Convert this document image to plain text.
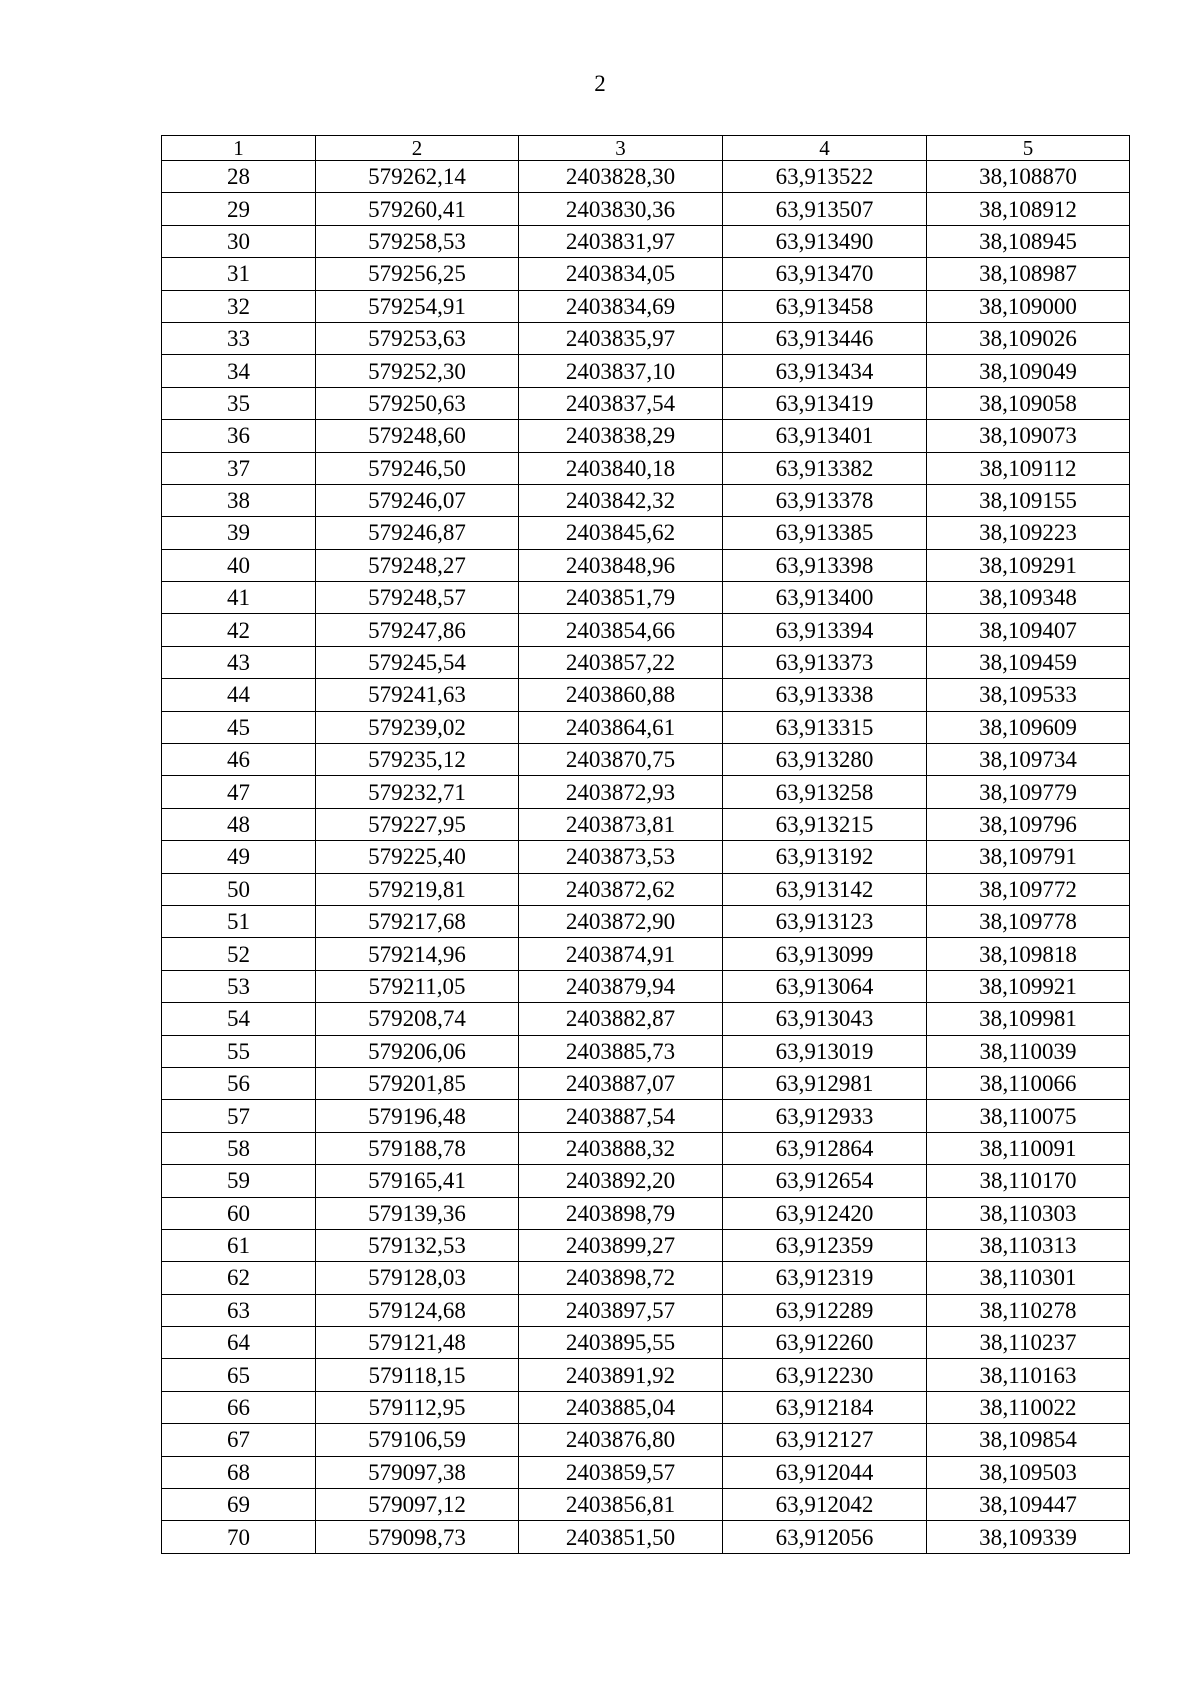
2
1	2	3	4	5
28	579262,14	2403828,30	63,913522	38,108870
29	579260,41	2403830,36	63,913507	38,108912
30	579258,53	2403831,97	63,913490	38,108945
31	579256,25	2403834,05	63,913470	38,108987
32	579254,91	2403834,69	63,913458	38,109000
33	579253,63	2403835,97	63,913446	38,109026
34	579252,30	2403837,10	63,913434	38,109049
35	579250,63	2403837,54	63,913419	38,109058
36	579248,60	2403838,29	63,913401	38,109073
37	579246,50	2403840,18	63,913382	38,109112
38	579246,07	2403842,32	63,913378	38,109155
39	579246,87	2403845,62	63,913385	38,109223
40	579248,27	2403848,96	63,913398	38,109291
41	579248,57	2403851,79	63,913400	38,109348
42	579247,86	2403854,66	63,913394	38,109407
43	579245,54	2403857,22	63,913373	38,109459
44	579241,63	2403860,88	63,913338	38,109533
45	579239,02	2403864,61	63,913315	38,109609
46	579235,12	2403870,75	63,913280	38,109734
47	579232,71	2403872,93	63,913258	38,109779
48	579227,95	2403873,81	63,913215	38,109796
49	579225,40	2403873,53	63,913192	38,109791
50	579219,81	2403872,62	63,913142	38,109772
51	579217,68	2403872,90	63,913123	38,109778
52	579214,96	2403874,91	63,913099	38,109818
53	579211,05	2403879,94	63,913064	38,109921
54	579208,74	2403882,87	63,913043	38,109981
55	579206,06	2403885,73	63,913019	38,110039
56	579201,85	2403887,07	63,912981	38,110066
57	579196,48	2403887,54	63,912933	38,110075
58	579188,78	2403888,32	63,912864	38,110091
59	579165,41	2403892,20	63,912654	38,110170
60	579139,36	2403898,79	63,912420	38,110303
61	579132,53	2403899,27	63,912359	38,110313
62	579128,03	2403898,72	63,912319	38,110301
63	579124,68	2403897,57	63,912289	38,110278
64	579121,48	2403895,55	63,912260	38,110237
65	579118,15	2403891,92	63,912230	38,110163
66	579112,95	2403885,04	63,912184	38,110022
67	579106,59	2403876,80	63,912127	38,109854
68	579097,38	2403859,57	63,912044	38,109503
69	579097,12	2403856,81	63,912042	38,109447
70	579098,73	2403851,50	63,912056	38,109339
